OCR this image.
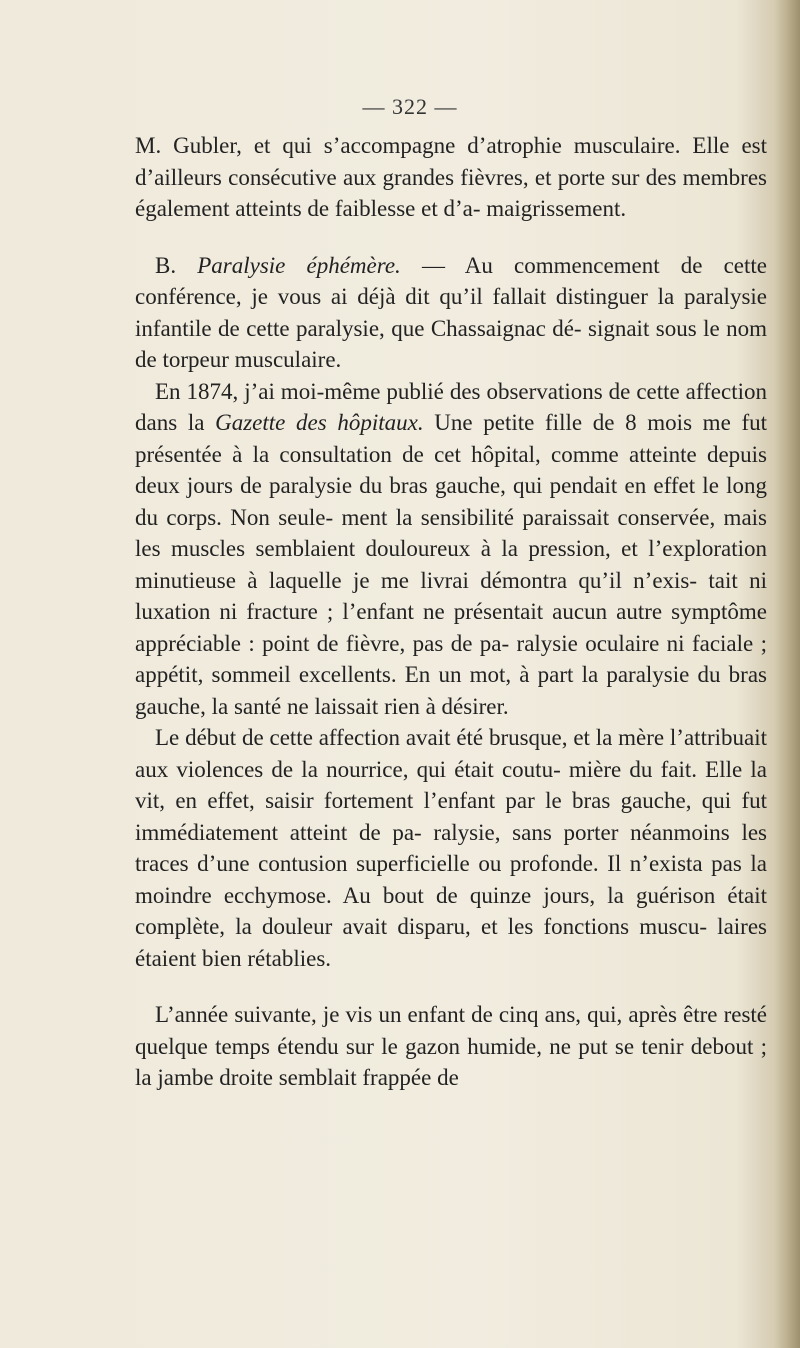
— 322 —

M. Gubler, et qui s’accompagne d’atrophie musculaire. Elle est d’ailleurs consécutive aux grandes fièvres, et porte sur des membres également atteints de faiblesse et d’a- maigrissement.

B. Paralysie éphémère. — Au commencement de cette conférence, je vous ai déjà dit qu’il fallait distinguer la paralysie infantile de cette paralysie, que Chassaignac dé- signait sous le nom de torpeur musculaire.

En 1874, j’ai moi-même publié des observations de cette affection dans la Gazette des hôpitaux. Une petite fille de 8 mois me fut présentée à la consultation de cet hôpital, comme atteinte depuis deux jours de paralysie du bras gauche, qui pendait en effet le long du corps. Non seule- ment la sensibilité paraissait conservée, mais les muscles semblaient douloureux à la pression, et l’exploration minutieuse à laquelle je me livrai démontra qu’il n’exis- tait ni luxation ni fracture ; l’enfant ne présentait aucun autre symptôme appréciable : point de fièvre, pas de pa- ralysie oculaire ni faciale ; appétit, sommeil excellents. En un mot, à part la paralysie du bras gauche, la santé ne laissait rien à désirer.

Le début de cette affection avait été brusque, et la mère l’attribuait aux violences de la nourrice, qui était coutu- mière du fait. Elle la vit, en effet, saisir fortement l’enfant par le bras gauche, qui fut immédiatement atteint de pa- ralysie, sans porter néanmoins les traces d’une contusion superficielle ou profonde. Il n’exista pas la moindre ecchymose. Au bout de quinze jours, la guérison était complète, la douleur avait disparu, et les fonctions muscu- laires étaient bien rétablies.

L’année suivante, je vis un enfant de cinq ans, qui, après être resté quelque temps étendu sur le gazon humide, ne put se tenir debout ; la jambe droite semblait frappée de
